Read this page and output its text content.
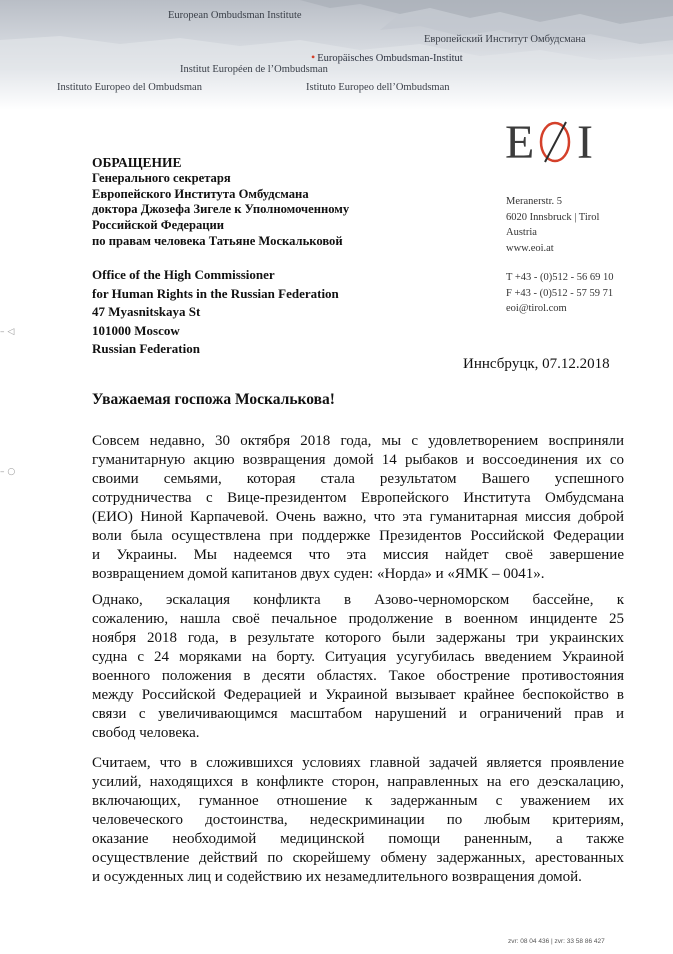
European Ombudsman Institute
Европейский Институт Омбудсмана
• Europäisches Ombudsman-Institut
Institut Européen de l’Ombudsman
Instituto Europeo del Ombudsman	Istituto Europeo dell’Ombudsman
E I
Meranerstr. 5
6020 Innsbruck | Tirol
Austria
www.eoi.at
T +43 - (0)512 - 56 69 10
F +43 - (0)512 - 57 59 71
eoi@tirol.com
ОБРАЩЕНИЕ
Генерального секретаря
Европейского Института Омбудсмана
доктора Джозефа Зигеле к Уполномоченному
Российской Федерации
по правам человека Татьяне Москальковой
Office of the High Commissioner
for Human Rights in the Russian Federation
47 Myasnitskaya St
101000 Moscow
Russian Federation
– ◁
– ○
Иннсбрyцк, 07.12.2018
Уважаемая госпожа Москалькова!
Совсем недавно, 30 октября 2018 года, мы с удовлетворением восприняли
гуманитарную акцию возвращения домой 14 рыбаков и воссоединения их со
своими семьями, которая стала результатом Вашего успешного
сотрудничества с Вице-президентом Европейского Института Омбудсмана
(ЕИО) Ниной Карпачевой. Очень важно, что эта гуманитарная миссия доброй
воли была осуществлена при поддержке Президентов Российской Федерации
и Украины. Мы надеемся что эта миссия найдет своё завершение
возвращением домой капитанов двух суден: «Норда» и «ЯМК – 0041».
Однако, эскалация конфликта в Азово-черноморском бассейне, к
сожалению, нашла своё печальное продолжение в военном инциденте 25
ноября 2018 года, в результате которого были задержаны три украинских
судна с 24 моряками на борту. Ситуация усугубилась введениeм Украиной
военного положения в десяти областях. Такое обострение противостояния
между Российской Федерацией и Украиной вызывает крайнее беспокойство в
связи с увеличивающимся масштабом нарушений и ограничений прав и
свобод человека.
Считаем, что в сложившихся условиях главной задачей является проявление
усилий, находящихся в конфликте сторон, направленных на его деэскалацию,
включающих, гуманное отношение к задержанным с уважением их
человеческого достоинства, недескриминации по любым критериям,
оказание необходимой медицинской помощи раненным, а также
осуществление действий по скорейшему обмену задержанных, арестованных
и осужденных лиц и содействию их незамедлительного возвращения домой.
zvr: 08 04 436 | zvr: 33 58 86 427
